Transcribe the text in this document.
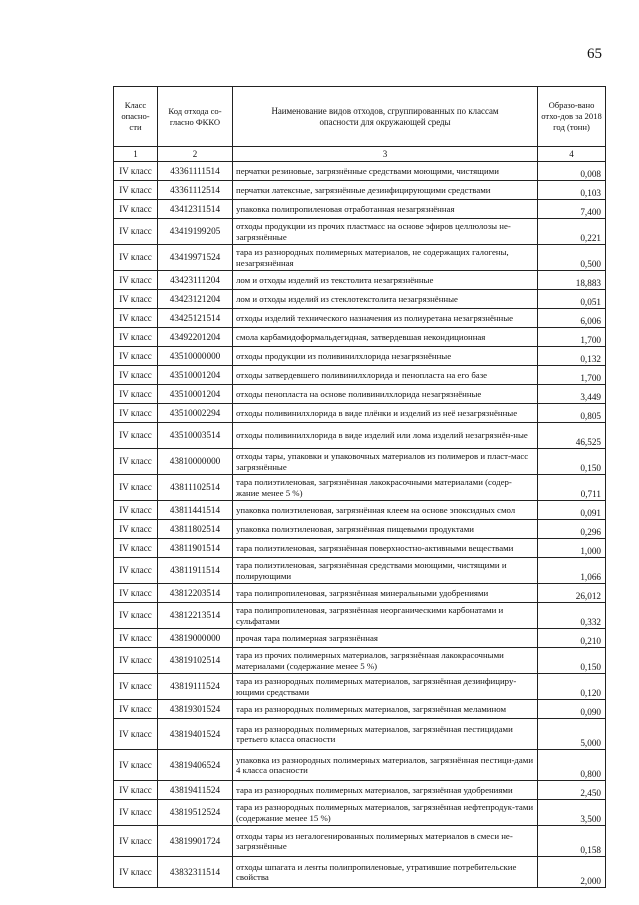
65
Класс опасно-сти	Код отхода со-гласно ФККО	Наименование видов отходов, сгруппированных по классам опасности для окружающей среды	Образо-вано отхо-дов за 2018 год (тонн)
1	2	3	4
IV класс	43361111514	перчатки резиновые, загрязнённые средствами моющими, чистящими	0,008
IV класс	43361112514	перчатки латексные, загрязнённые дезинфицирующими средствами	0,103
IV класс	43412311514	упаковка полипропиленовая отработанная незагрязнённая	7,400
IV класс	43419199205	отходы продукции из прочих пластмасс на основе эфиров целлюлозы не-загрязнённые	0,221
IV класс	43419971524	тара из разнородных полимерных материалов, не содержащих галогены, незагрязнённая	0,500
IV класс	43423111204	лом и отходы изделий из текстолита незагрязнённые	18,883
IV класс	43423121204	лом и отходы изделий из стеклотекстолита незагрязнённые	0,051
IV класс	43425121514	отходы изделий технического назначения из полиуретана незагрязнённые	6,006
IV класс	43492201204	смола карбамидоформальдегидная, затвердевшая некондиционная	1,700
IV класс	43510000000	отходы продукции из поливинилхлорида незагрязнённые	0,132
IV класс	43510001204	отходы затвердевшего поливинилхлорида и пенопласта на его базе	1,700
IV класс	43510001204	отходы пенопласта на основе поливинилхлорида незагрязнённые	3,449
IV класс	43510002294	отходы поливинилхлорида в виде плёнки и изделий из неё незагрязнённые	0,805
IV класс	43510003514	отходы поливинилхлорида в виде изделий или лома изделий незагрязнён-ные	46,525
IV класс	43810000000	отходы тары, упаковки и упаковочных материалов из полимеров и пласт-масс загрязнённые	0,150
IV класс	43811102514	тара полиэтиленовая, загрязнённая лакокрасочными материалами (содер-жание менее 5 %)	0,711
IV класс	43811441514	упаковка полиэтиленовая, загрязнённая клеем на основе эпоксидных смол	0,091
IV класс	43811802514	упаковка полиэтиленовая, загрязнённая пищевыми продуктами	0,296
IV класс	43811901514	тара полиэтиленовая, загрязнённая поверхностно-активными веществами	1,000
IV класс	43811911514	тара полиэтиленовая, загрязнённая средствами моющими, чистящими и полирующими	1,066
IV класс	43812203514	тара полипропиленовая, загрязнённая минеральными удобрениями	26,012
IV класс	43812213514	тара полипропиленовая, загрязнённая неорганическими карбонатами и сульфатами	0,332
IV класс	43819000000	прочая тара полимерная загрязнённая	0,210
IV класс	43819102514	тара из прочих полимерных материалов, загрязнённая лакокрасочными материалами (содержание менее 5 %)	0,150
IV класс	43819111524	тара из разнородных полимерных материалов, загрязнённая дезинфициру-ющими средствами	0,120
IV класс	43819301524	тара из разнородных полимерных материалов, загрязнённая меламином	0,090
IV класс	43819401524	тара из разнородных полимерных материалов, загрязнённая пестицидами третьего класса опасности	5,000
IV класс	43819406524	упаковка из разнородных полимерных материалов, загрязнённая пестици-дами 4 класса опасности	0,800
IV класс	43819411524	тара из разнородных полимерных материалов, загрязнённая удобрениями	2,450
IV класс	43819512524	тара из разнородных полимерных материалов, загрязнённая нефтепродук-тами (содержание менее 15 %)	3,500
IV класс	43819901724	отходы тары из негалогенированных полимерных материалов в смеси не-загрязнённые	0,158
IV класс	43832311514	отходы шпагата и ленты полипропиленовые, утратившие потребительские свойства	2,000
